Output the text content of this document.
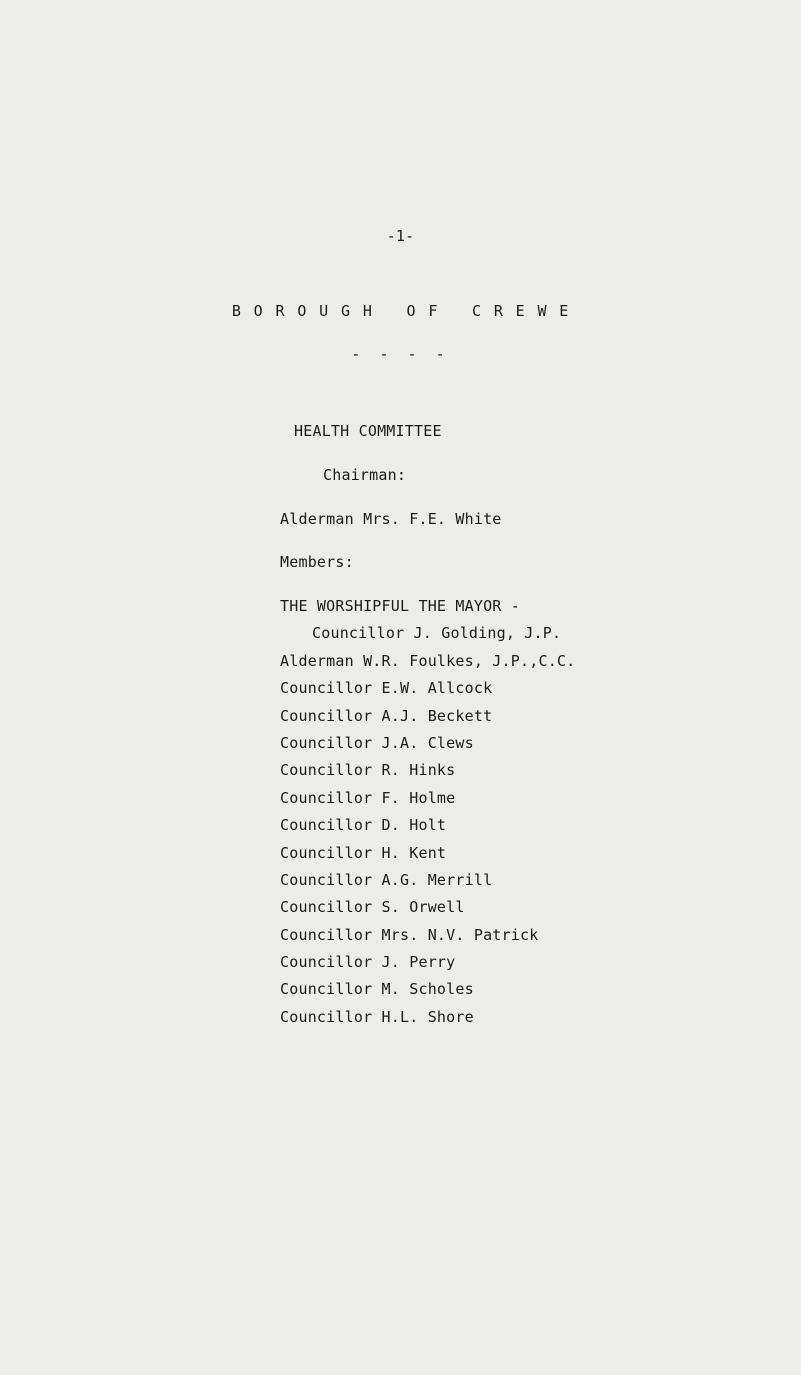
-1-
BOROUGH OF CREWE
- - - -
HEALTH COMMITTEE
Chairman:
Alderman Mrs. F.E. White
Members:
THE WORSHIPFUL THE MAYOR -
Councillor J. Golding, J.P.
Alderman W.R. Foulkes, J.P.,C.C.
Councillor E.W. Allcock
Councillor A.J. Beckett
Councillor J.A. Clews
Councillor R. Hinks
Councillor F. Holme
Councillor D. Holt
Councillor H. Kent
Councillor A.G. Merrill
Councillor S. Orwell
Councillor Mrs. N.V. Patrick
Councillor J. Perry
Councillor M. Scholes
Councillor H.L. Shore
